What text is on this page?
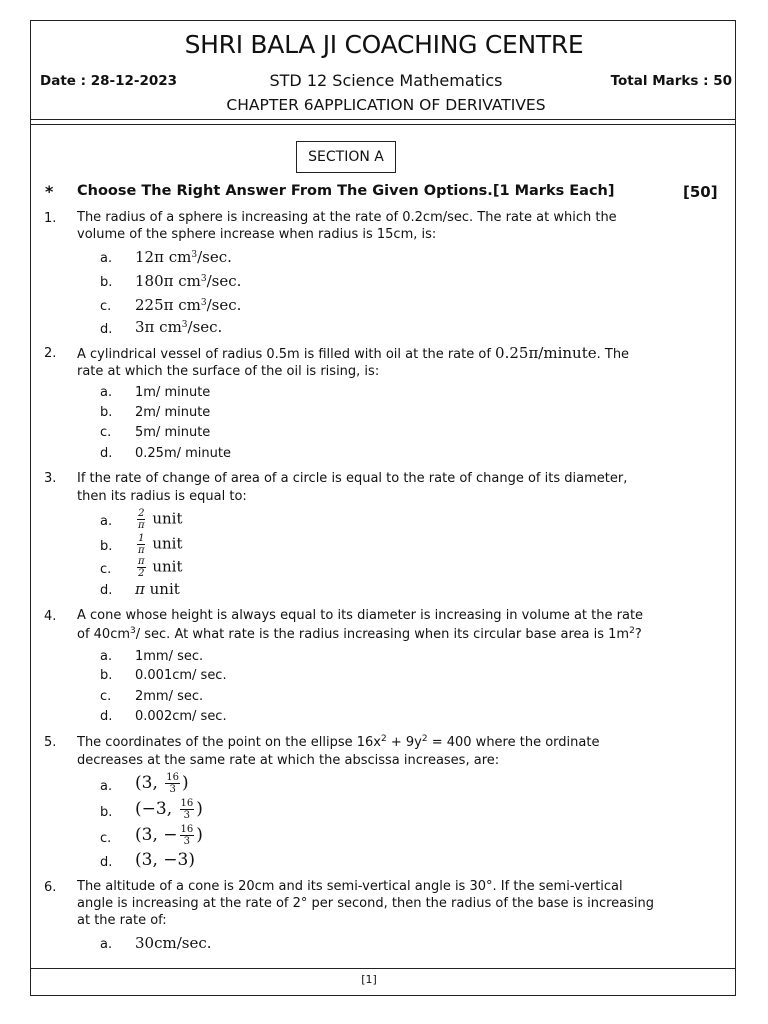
SHRI BALA JI COACHING CENTRE
Date : 28-12-2023	STD 12 Science Mathematics	Total Marks : 50
CHAPTER 6APPLICATION OF DERIVATIVES
SECTION A
* Choose The Right Answer From The Given Options.[1 Marks Each]	[50]
1. The radius of a sphere is increasing at the rate of 0.2cm/sec. The rate at which the
volume of the sphere increase when radius is 15cm, is:
a. 12π $cm^3/\sec$.
b. 180π $cm^3/\sec$.
c. 225π $cm^3/\sec$.
d. 3π $cm^3/\sec$.
2. A cylindrical vessel of radius 0.5m is filled with oil at the rate of 0.25π/minute. The
rate at which the surface of the oil is rising, is:
a. 1m/ minute
b. 2m/ minute
c. 5m/ minute
d. 0.25m/ minute
3. If the rate of change of area of a circle is equal to the rate of change of its diameter,
then its radius is equal to:
a. $\frac{2}{\pi}$ unit
b. $\frac{1}{\pi}$ unit
c.	$\frac{\pi}{2}$ unit
d. π unit
4. A cone whose height is always equal to its diameter is increasing in volume at the rate
of $40cm^3/$ sec. At what rate is the radius increasing when its circular base area is $1m^2$?
a. 1mm/ sec.
b. 0.001cm/ sec.
c. 2mm/ sec.
d. 0.002cm/ sec.
5. The coordinates of the point on the ellipse $16x^2 + 9y^2 = 400$ where the ordinate
decreases at the same rate at which the abscissa increases, are:
a. (3, $\frac{16}{3}$ )
b. (−3, $\frac{16}{3}$ )
c. (3, − $\frac{16}{3}$ )
d. (3, −3)
6. The altitude of a cone is 20cm and its semi-vertical angle is 30°. If the semi-vertical
angle is increasing at the rate of 2° per second, then the radius of the base is increasing
at the rate of:
a. 30cm/sec.
[1]
